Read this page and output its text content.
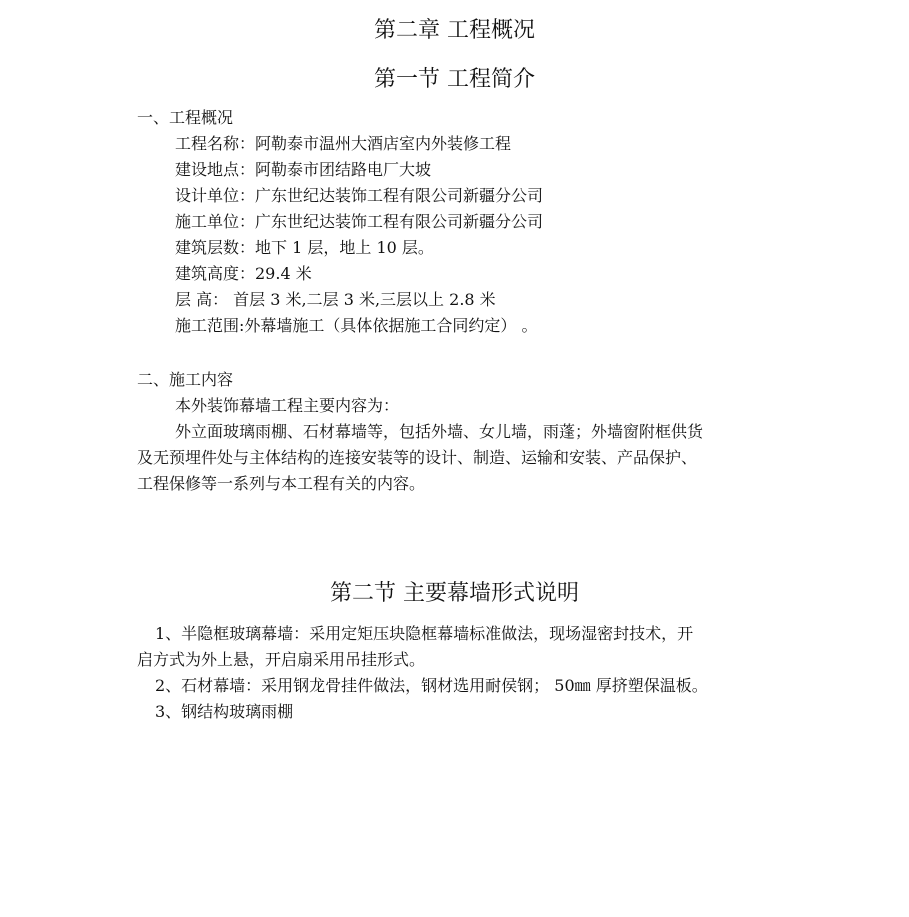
第二章 工程概况
第一节 工程简介
一、工程概况
工程名称：阿勒泰市温州大酒店室内外装修工程
建设地点：阿勒泰市团结路电厂大坡
设计单位：广东世纪达装饰工程有限公司新疆分公司
施工单位：广东世纪达装饰工程有限公司新疆分公司
建筑层数：地下 1 层，地上 10 层。
建筑高度：29.4 米
层 高： 首层 3 米,二层 3 米,三层以上 2.8 米
施工范围:外幕墙施工（具体依据施工合同约定） 。
二、施工内容
本外装饰幕墙工程主要内容为：
外立面玻璃雨棚、石材幕墙等，包括外墙、女儿墙，雨蓬；外墙窗附框供货
及无预埋件处与主体结构的连接安装等的设计、制造、运输和安装、产品保护、
工程保修等一系列与本工程有关的内容。
第二节 主要幕墙形式说明
1、半隐框玻璃幕墙：采用定矩压块隐框幕墙标准做法，现场湿密封技术，开
启方式为外上悬，开启扇采用吊挂形式。
2、石材幕墙：采用钢龙骨挂件做法，钢材选用耐侯钢； 50㎜ 厚挤塑保温板。
3、钢结构玻璃雨棚
